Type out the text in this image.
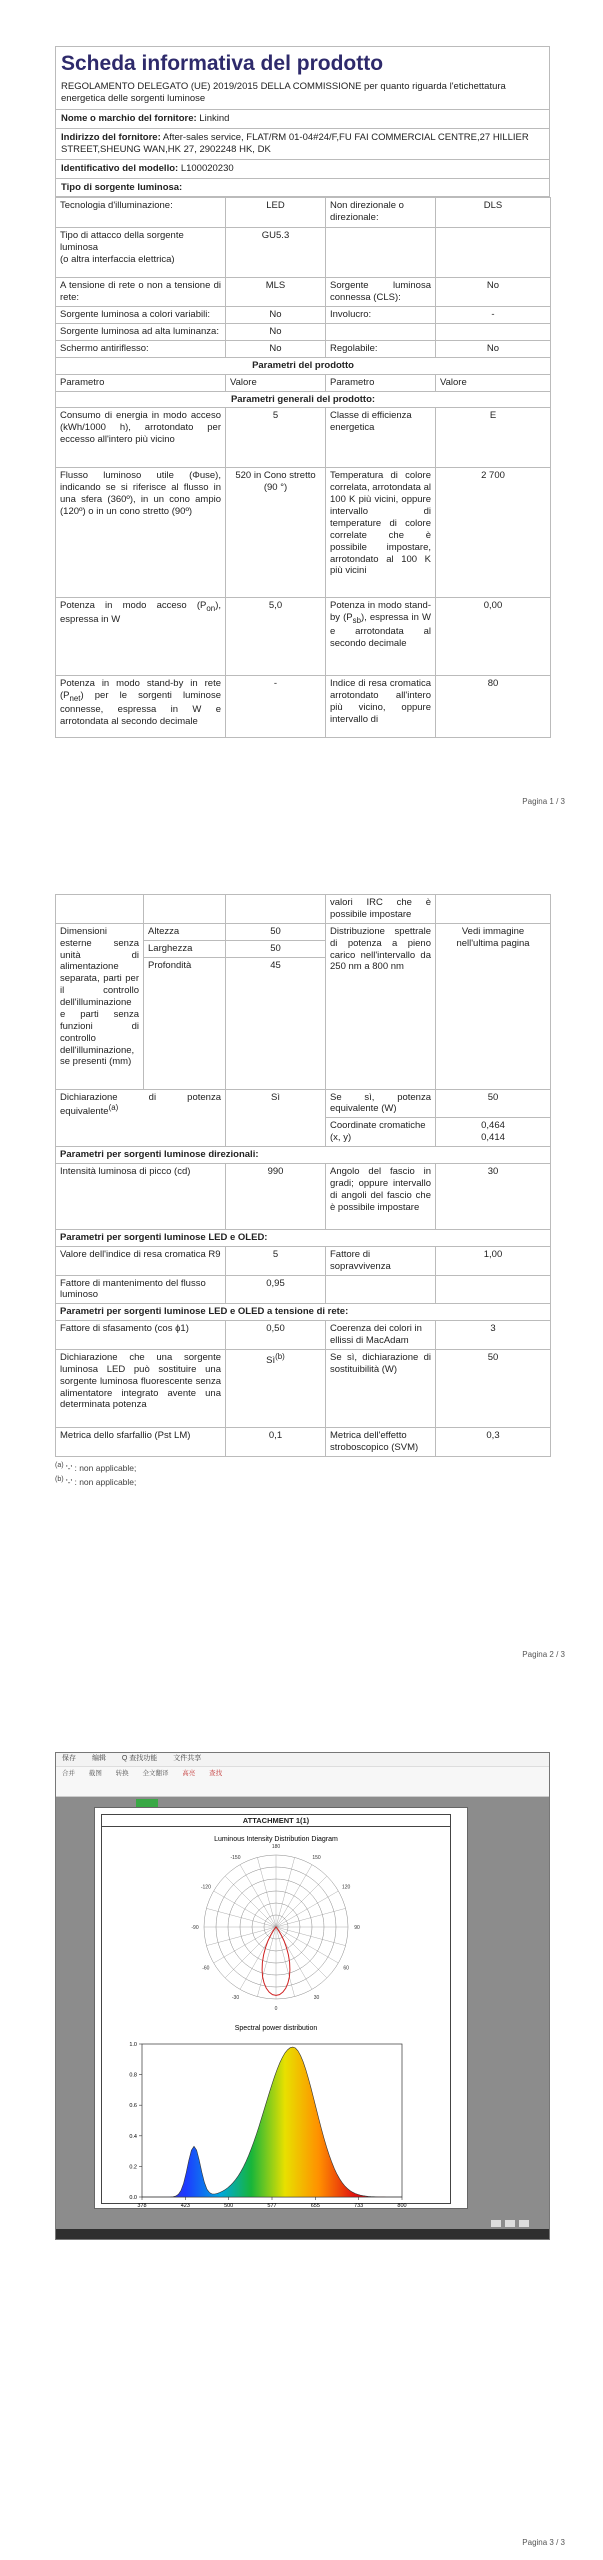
Scheda informativa del prodotto
REGOLAMENTO DELEGATO (UE) 2019/2015 DELLA COMMISSIONE per quanto riguarda l'etichettatura energetica delle sorgenti luminose
Nome o marchio del fornitore: Linkind
Indirizzo del fornitore: After-sales service, FLAT/RM 01-04#24/F,FU FAI COMMERCIAL CENTRE,27 HILLIER STREET,SHEUNG WAN,HK 27, 2902248 HK, DK
Identificativo del modello: L100020230
Tipo di sorgente luminosa:
Tecnologia d'illuminazione:	LED	Non direzionale o direzionale:	DLS
Tipo di attacco della sorgente luminosa
(o altra interfaccia elettrica)	GU5.3		
A tensione di rete o non a tensione di rete:	MLS	Sorgente luminosa connessa (CLS):	No
Sorgente luminosa a colori variabili:	No	Involucro:	-
Sorgente luminosa ad alta luminanza:	No		
Schermo antiriflesso:	No	Regolabile:	No
Parametri del prodotto			
Parametro	Valore	Parametro	Valore
Parametri generali del prodotto:			
Consumo di energia in modo acceso (kWh/1000 h), arrotondato per eccesso all'intero più vicino	5	Classe di efficienza energetica	E
Flusso luminoso utile (Φuse), indicando se si riferisce al flusso in una sfera (360º), in un cono ampio (120º) o in un cono stretto (90º)	520 in Cono stretto (90 °)	Temperatura di colore correlata, arrotondata al 100 K più vicini, oppure intervallo di temperature di colore correlate che è possibile impostare, arrotondato al 100 K più vicini	2 700
Potenza in modo acceso $(P_{on})$, espressa in W	5,0	Potenza in modo stand-by $(P_{sb})$, espressa in W e arrotondata al secondo decimale	0,00
Potenza in modo stand-by in rete $(P_{net})$ per le sorgenti luminose connesse, espressa in W e arrotondata al secondo decimale	-	Indice di resa cromatica arrotondato all'intero più vicino, oppure intervallo di	80
Pagina 1 / 3
			valori IRC che è possibile impostare	
Dimensioni esterne senza unità di alimentazione separata, parti per il controllo dell'illuminazione e parti senza funzioni di controllo dell'illuminazione, se presenti (mm)	Altezza	50	Distribuzione spettrale di potenza a pieno carico nell'intervallo da 250 nm a 800 nm	Vedi immagine nell'ultima pagina
	Larghezza	50		
	Profondità	45		
Dichiarazione di potenza equivalente$^{(a)}$		Sì	Se sì, potenza equivalente (W)	50
			Coordinate cromatiche (x, y)	0,464
0,414
Parametri per sorgenti luminose direzionali:				
Intensità luminosa di picco (cd)		990	Angolo del fascio in gradi; oppure intervallo di angoli del fascio che è possibile impostare	30
Parametri per sorgenti luminose LED e OLED:				
Valore dell'indice di resa cromatica R9		5	Fattore di sopravvivenza	1,00
Fattore di mantenimento del flusso luminoso		0,95		
Parametri per sorgenti luminose LED e OLED a tensione di rete:				
Fattore di sfasamento (cos ϕ1)		0,50	Coerenza dei colori in ellissi di MacAdam	3
Dichiarazione che una sorgente luminosa LED può sostituire una sorgente luminosa fluorescente senza alimentatore integrato avente una determinata potenza		$Sì^{(b)}$	Se sì, dichiarazione di sostituibilità (W)	50
Metrica dello sfarfallio (Pst LM)		0,1	Metrica dell'effetto stroboscopico (SVM)	0,3
$^{(a)}$ '-' : non applicable;
$^{(b)}$ '-' : non applicable;
Pagina 2 / 3
保存 编辑 Q 查找功能 文件共享
合并 截图 转换 全文翻译 高亮 查找
ATTACHMENT 1(1)
Luminous Intensity Distribution Diagram
0
-30	30
-60	60
-90	90
-120	120
-150	150
180

Spectral power distribution
1.0
0.8
0.6
0.4
0.2
0.0
378	423	500	577	655	733	800
Pagina 3 / 3
